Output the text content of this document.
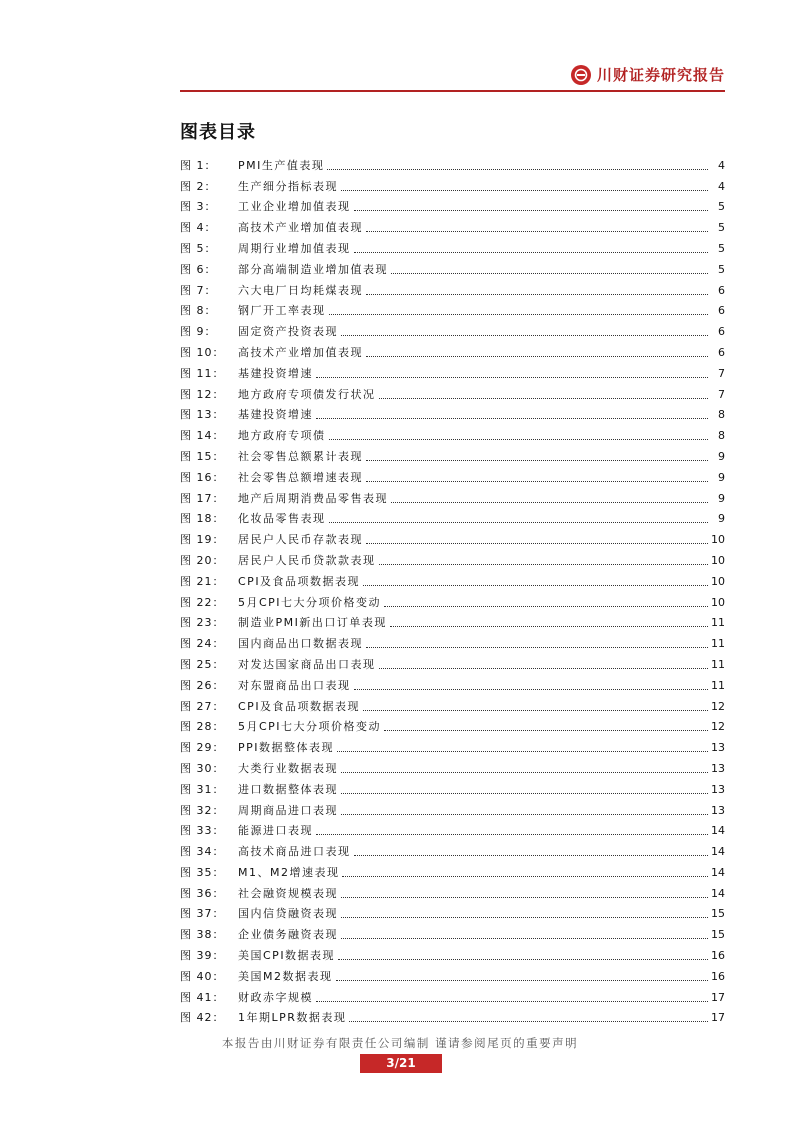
川财证券研究报告
图表目录
图 1：	PMI生产值表现	4
图 2：	生产细分指标表现	4
图 3：	工业企业增加值表现	5
图 4：	高技术产业增加值表现	5
图 5：	周期行业增加值表现	5
图 6：	部分高端制造业增加值表现	5
图 7：	六大电厂日均耗煤表现	6
图 8：	钢厂开工率表现	6
图 9：	固定资产投资表现	6
图 10：	高技术产业增加值表现	6
图 11：	基建投资增速	7
图 12：	地方政府专项债发行状况	7
图 13：	基建投资增速	8
图 14：	地方政府专项债	8
图 15：	社会零售总额累计表现	9
图 16：	社会零售总额增速表现	9
图 17：	地产后周期消费品零售表现	9
图 18：	化妆品零售表现	9
图 19：	居民户人民币存款表现	10
图 20：	居民户人民币贷款款表现	10
图 21：	CPI及食品项数据表现	10
图 22：	5月CPI七大分项价格变动	10
图 23：	制造业PMI新出口订单表现	11
图 24：	国内商品出口数据表现	11
图 25：	对发达国家商品出口表现	11
图 26：	对东盟商品出口表现	11
图 27：	CPI及食品项数据表现	12
图 28：	5月CPI七大分项价格变动	12
图 29：	PPI数据整体表现	13
图 30：	大类行业数据表现	13
图 31：	进口数据整体表现	13
图 32：	周期商品进口表现	13
图 33：	能源进口表现	14
图 34：	高技术商品进口表现	14
图 35：	M1、M2增速表现	14
图 36：	社会融资规模表现	14
图 37：	国内信贷融资表现	15
图 38：	企业债务融资表现	15
图 39：	美国CPI数据表现	16
图 40：	美国M2数据表现	16
图 41：	财政赤字规模	17
图 42：	1年期LPR数据表现	17
本报告由川财证券有限责任公司编制 谨请参阅尾页的重要声明
3/21
